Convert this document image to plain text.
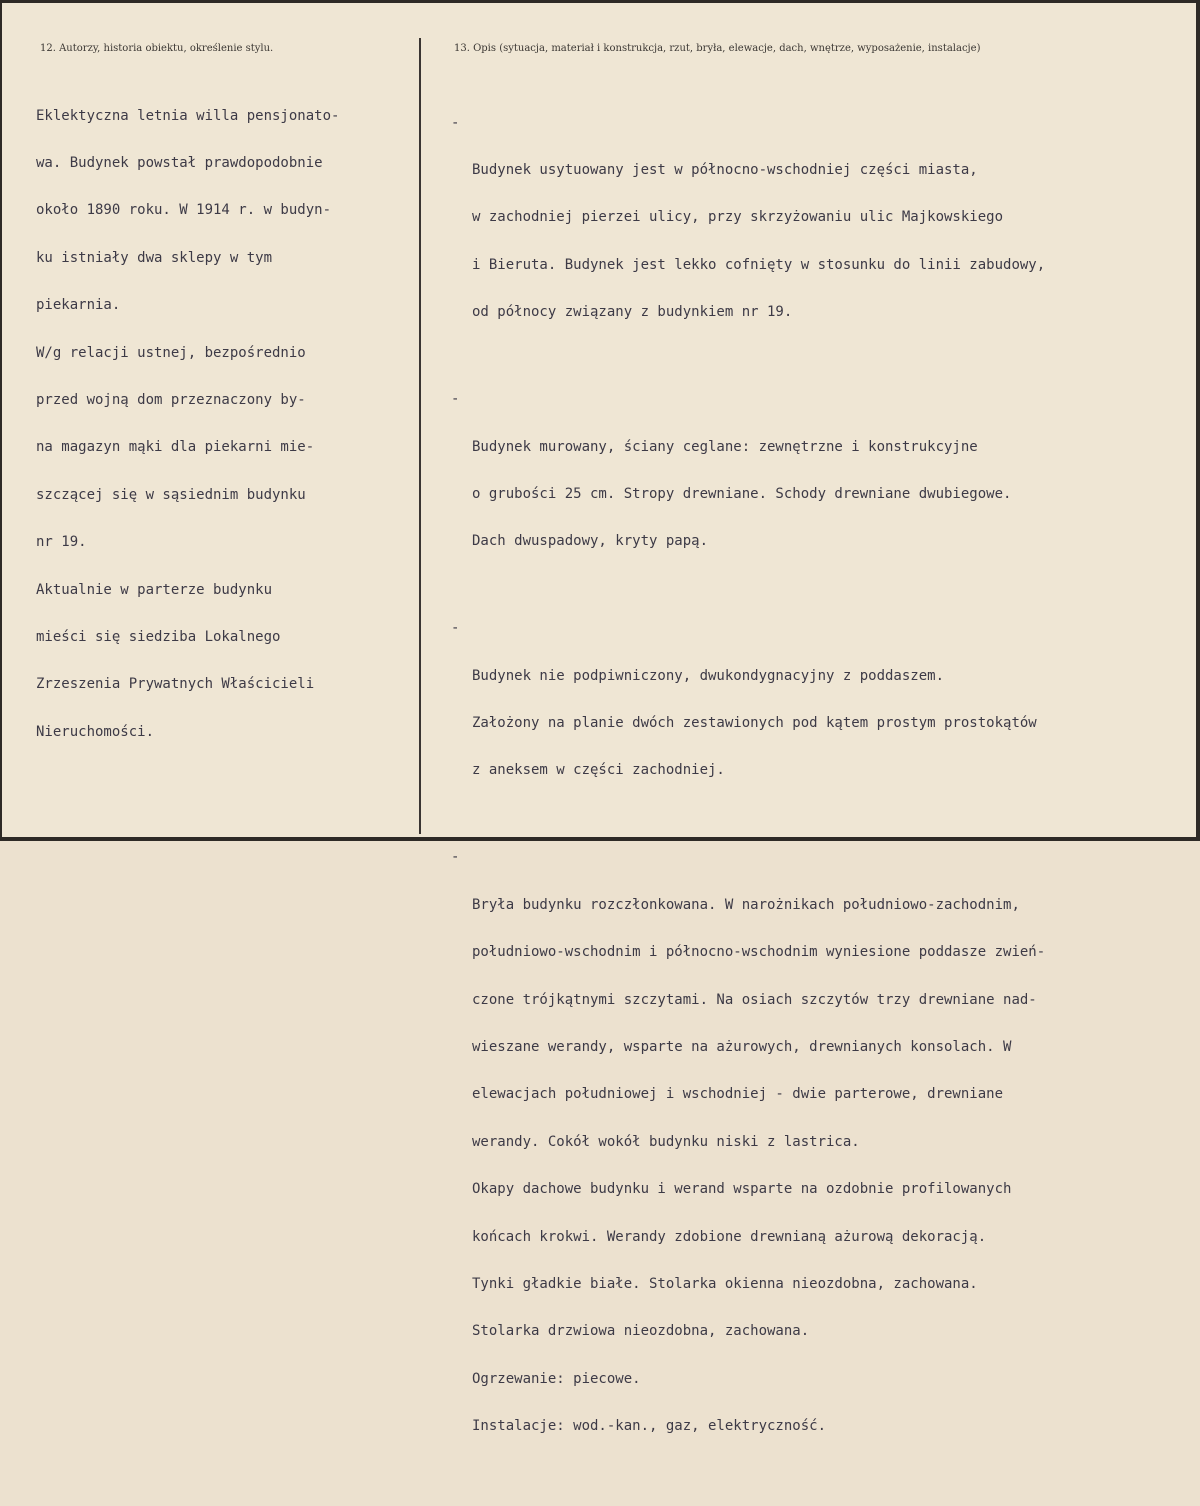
12. Autorzy, historia obiektu, określenie stylu.	13. Opis (sytuacja, materiał i konstrukcja, rzut, bryła, elewacje, dach, wnętrze, wyposażenie, instalacje)

Eklektyczna letnia willa pensjonato-

wa. Budynek powstał prawdopodobnie

około 1890 roku. W 1914 r. w budyn-

ku istniały dwa sklepy w tym

piekarnia.

W/g relacji ustnej, bezpośrednio

przed wojną dom przeznaczony by-

na magazyn mąki dla piekarni mie-

szczącej się w sąsiednim budynku

nr 19.

Aktualnie w parterze budynku

mieści się siedziba Lokalnego

Zrzeszenia Prywatnych Właścicieli

Nieruchomości.

-

Budynek usytuowany jest w północno-wschodniej części miasta,

w zachodniej pierzei ulicy, przy skrzyżowaniu ulic Majkowskiego

i Bieruta. Budynek jest lekko cofnięty w stosunku do linii zabudowy,

od północy związany z budynkiem nr 19.

-

Budynek murowany, ściany ceglane: zewnętrzne i konstrukcyjne

o grubości 25 cm. Stropy drewniane. Schody drewniane dwubiegowe.

Dach dwuspadowy, kryty papą.

-

Budynek nie podpiwniczony, dwukondygnacyjny z poddaszem.

Założony na planie dwóch zestawionych pod kątem prostym prostokątów

z aneksem w części zachodniej.

-

Bryła budynku rozczłonkowana. W narożnikach południowo-zachodnim,

południowo-wschodnim i północno-wschodnim wyniesione poddasze zwień-

czone trójkątnymi szczytami. Na osiach szczytów trzy drewniane nad-

wieszane werandy, wsparte na ażurowych, drewnianych konsolach. W

elewacjach południowej i wschodniej - dwie parterowe, drewniane

werandy. Cokół wokół budynku niski z lastrica.

Okapy dachowe budynku i werand wsparte na ozdobnie profilowanych

końcach krokwi. Werandy zdobione drewnianą ażurową dekoracją.

Tynki gładkie białe. Stolarka okienna nieozdobna, zachowana.

Stolarka drzwiowa nieozdobna, zachowana.

Ogrzewanie: piecowe.

Instalacje: wod.-kan., gaz, elektryczność.
